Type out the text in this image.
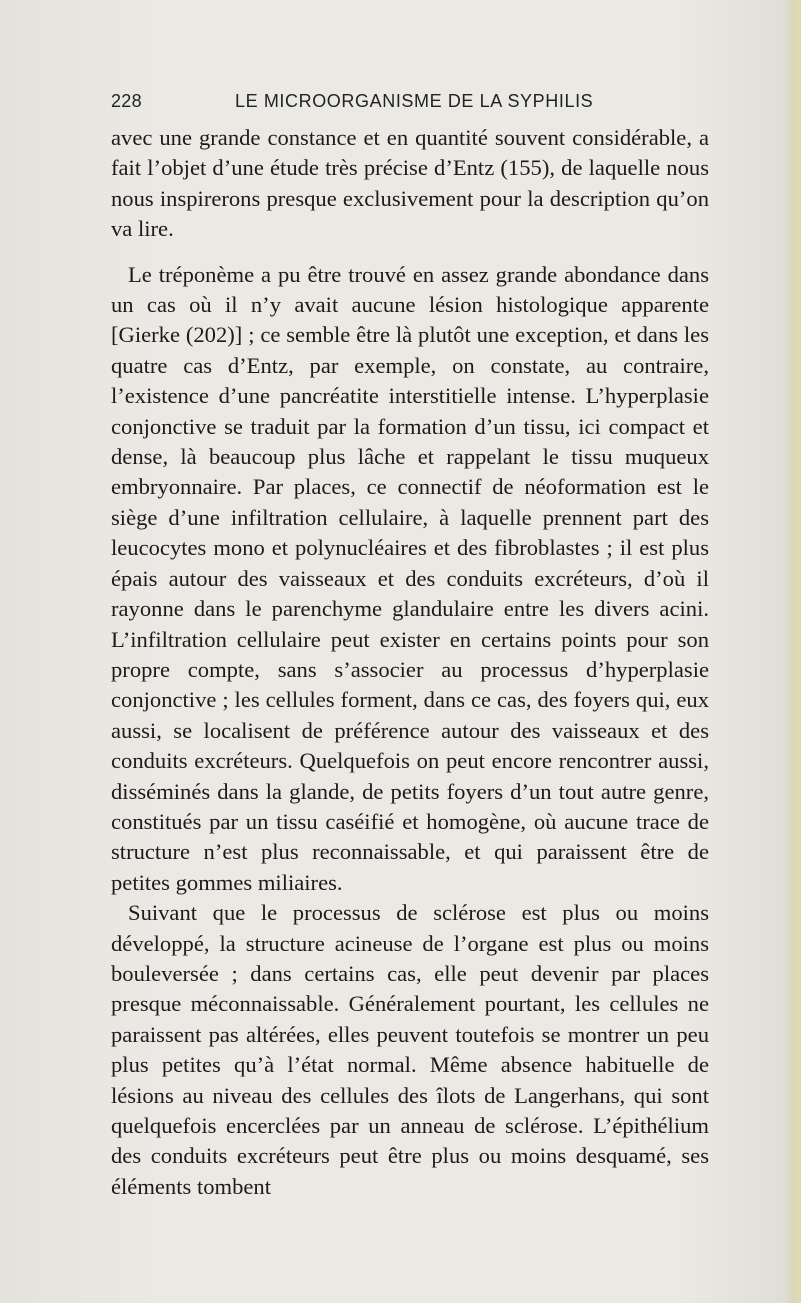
228	LE MICROORGANISME DE LA SYPHILIS

avec une grande constance et en quantité souvent considérable, a fait l’objet d’une étude très précise d’Entz (155), de laquelle nous nous inspirerons presque exclusivement pour la description qu’on va lire.

Le tréponème a pu être trouvé en assez grande abondance dans un cas où il n’y avait aucune lésion histologique apparente [Gierke (202)] ; ce semble être là plutôt une exception, et dans les quatre cas d’Entz, par exemple, on constate, au contraire, l’existence d’une pancréatite interstitielle intense. L’hyperplasie conjonctive se traduit par la formation d’un tissu, ici compact et dense, là beaucoup plus lâche et rappelant le tissu muqueux embryonnaire. Par places, ce connectif de néoformation est le siège d’une infiltration cellulaire, à laquelle prennent part des leucocytes mono et polynucléaires et des fibroblastes ; il est plus épais autour des vaisseaux et des conduits excréteurs, d’où il rayonne dans le parenchyme glandulaire entre les divers acini. L’infiltration cellulaire peut exister en certains points pour son propre compte, sans s’associer au processus d’hyperplasie conjonctive ; les cellules forment, dans ce cas, des foyers qui, eux aussi, se localisent de préférence autour des vaisseaux et des conduits excréteurs. Quelquefois on peut encore rencontrer aussi, disséminés dans la glande, de petits foyers d’un tout autre genre, constitués par un tissu caséifié et homogène, où aucune trace de structure n’est plus reconnaissable, et qui paraissent être de petites gommes miliaires.

Suivant que le processus de sclérose est plus ou moins développé, la structure acineuse de l’organe est plus ou moins bouleversée ; dans certains cas, elle peut devenir par places presque méconnaissable. Généralement pourtant, les cellules ne paraissent pas altérées, elles peuvent toutefois se montrer un peu plus petites qu’à l’état normal. Même absence habituelle de lésions au niveau des cellules des îlots de Langerhans, qui sont quelquefois encerclées par un anneau de sclérose. L’épithélium des conduits excréteurs peut être plus ou moins desquamé, ses éléments tombent
